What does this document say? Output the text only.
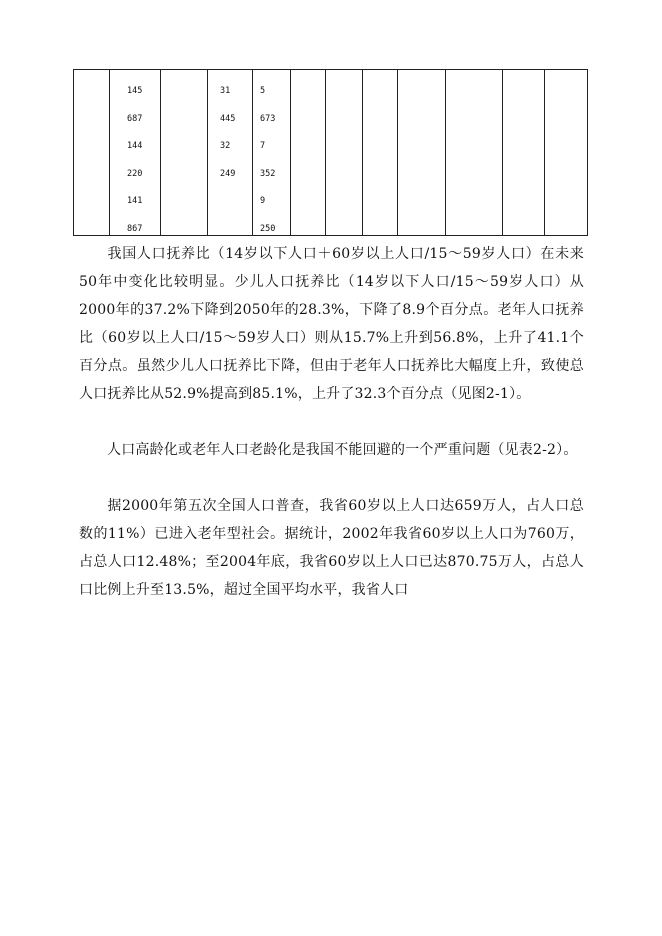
145
687
144
220
141
867
31
445
32
249
5
673
7
352
9
250
我国人口抚养比（14岁以下人口＋60岁以上人口/15～59岁人口）在未来50年中变化比较明显。少儿人口抚养比（14岁以下人口/15～59岁人口）从2000年的37.2%下降到2050年的28.3%，下降了8.9个百分点。老年人口抚养比（60岁以上人口/15～59岁人口）则从15.7%上升到56.8%，上升了41.1个百分点。虽然少儿人口抚养比下降，但由于老年人口抚养比大幅度上升，致使总人口抚养比从52.9%提高到85.1%，上升了32.3个百分点（见图2-1）。
人口高龄化或老年人口老龄化是我国不能回避的一个严重问题（见表2-2）。
据2000年第五次全国人口普查，我省60岁以上人口达659万人，占人口总数的11%）已进入老年型社会。据统计，2002年我省60岁以上人口为760万，占总人口12.48%；至2004年底，我省60岁以上人口已达870.75万人，占总人口比例上升至13.5%，超过全国平均水平，我省人口
